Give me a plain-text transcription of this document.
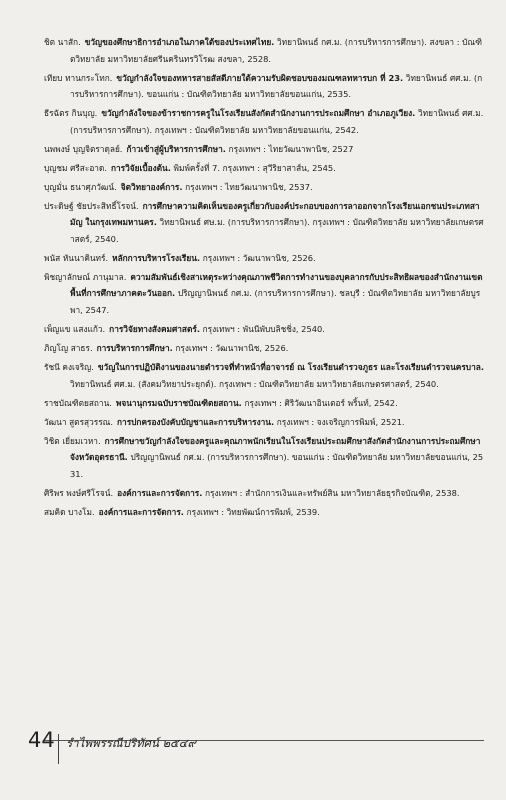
ชิต นาสัก. ขวัญของศึกษาธิการอำเภอในภาคใต้ของประเทศไทย. วิทยานิพนธ์ กศ.ม. (การบริหารการศึกษา). สงขลา : บัณฑิตวิทยาลัย มหาวิทยาลัยศรีนครินทรวิโรฒ สงขลา, 2528.

เทียบ ทานกระโทก. ขวัญกำลังใจของทหารสายสัสดีภายใต้ความรับผิดชอบของมณฑลทหารบก ที่ 23. วิทยานิพนธ์ ศศ.ม. (การบริหารการศึกษา). ขอนแก่น : บัณฑิตวิทยาลัย มหาวิทยาลัยขอนแก่น, 2535.

ธีรฉัตร กินบุญ. ขวัญกำลังใจของข้าราชการครูในโรงเรียนสังกัดสำนักงานการประถมศึกษา อำเภอภูเวียง. วิทยานิพนธ์ ศศ.ม. (การบริหารการศึกษา). กรุงเทพฯ : บัณฑิตวิทยาลัย มหาวิทยาลัยขอนแก่น, 2542.

นพพงษ์ บุญจิตราดุลย์. ก้าวเข้าสู่ผู้บริหารการศึกษา. กรุงเทพฯ : ไทยวัฒนาพานิช, 2527

บุญชม ศรีสะอาด. การวิจัยเบื้องต้น. พิมพ์ครั้งที่ 7. กรุงเทพฯ : สุวีริยาสาส์น, 2545.

บุญมั่น ธนาศุภวัฒน์. จิตวิทยาองค์การ. กรุงเทพฯ : ไทยวัฒนาพานิช, 2537.

ประดิษฐ์ ชัยประสิทธิ์โรจน์. การศึกษาความคิดเห็นของครูเกี่ยวกับองค์ประกอบของการลาออกจากโรงเรียนเอกชนประเภทสามัญ ในกรุงเทพมหานคร. วิทยานิพนธ์ ศษ.ม. (การบริหารการศึกษา). กรุงเทพฯ : บัณฑิตวิทยาลัย มหาวิทยาลัยเกษตรศาสตร์, 2540.

พนัส หันนาคินทร์. หลักการบริหารโรงเรียน. กรุงเทพฯ : วัฒนาพานิช, 2526.

พิชญาลักษณ์ ภานุมาล. ความสัมพันธ์เชิงสาเหตุระหว่างคุณภาพชีวิตการทำงานของบุคลากรกับประสิทธิผลของสำนักงานเขตพื้นที่การศึกษาภาคตะวันออก. ปริญญานิพนธ์ กศ.ม. (การบริหารการศึกษา). ชลบุรี : บัณฑิตวิทยาลัย มหาวิทยาลัยบูรพา, 2547.

เพ็ญแข แสงแก้ว. การวิจัยทางสังคมศาสตร์. กรุงเทพฯ : พันนีพับบลิชชิ่ง, 2540.

ภิญโญ สาธร. การบริหารการศึกษา. กรุงเทพฯ : วัฒนาพานิช, 2526.

รัชนี คงเจริญ. ขวัญในการปฏิบัติงานของนายตำรวจที่ทำหน้าที่อาจารย์ ณ โรงเรียนตำรวจภูธร และโรงเรียนตำรวจนครบาล. วิทยานิพนธ์ ศศ.ม. (สังคมวิทยาประยุกต์). กรุงเทพฯ : บัณฑิตวิทยาลัย มหาวิทยาลัยเกษตรศาสตร์, 2540.

ราชบัณฑิตยสถาน. พจนานุกรมฉบับราชบัณฑิตยสถาน. กรุงเทพฯ : ศิริวัฒนาอินเตอร์ พริ้นท์, 2542.

วัฒนา สูตรสุวรรณ. การปกครองบังคับบัญชาและการบริหารงาน. กรุงเทพฯ : จงเจริญการพิมพ์, 2521.

วิชิต เยี่ยมเวหา. การศึกษาขวัญกำลังใจของครูและคุณภาพนักเรียนในโรงเรียนประถมศึกษาสังกัดสำนักงานการประถมศึกษาจังหวัดอุดรธานี. ปริญญานิพนธ์ กศ.ม. (การบริหารการศึกษา). ขอนแก่น : บัณฑิตวิทยาลัย มหาวิทยาลัยขอนแก่น, 2531.

ศิริพร พงษ์ศรีโรจน์. องค์การและการจัดการ. กรุงเทพฯ : สำนักการเงินและทรัพย์สิน มหาวิทยาลัยธุรกิจบัณฑิต, 2538.

สมคิด บางโม. องค์การและการจัดการ. กรุงเทพฯ : วิทยพัฒน์การพิมพ์, 2539.

44 รำไพพรรณีปริทัศน์ ๒๕๔๙
